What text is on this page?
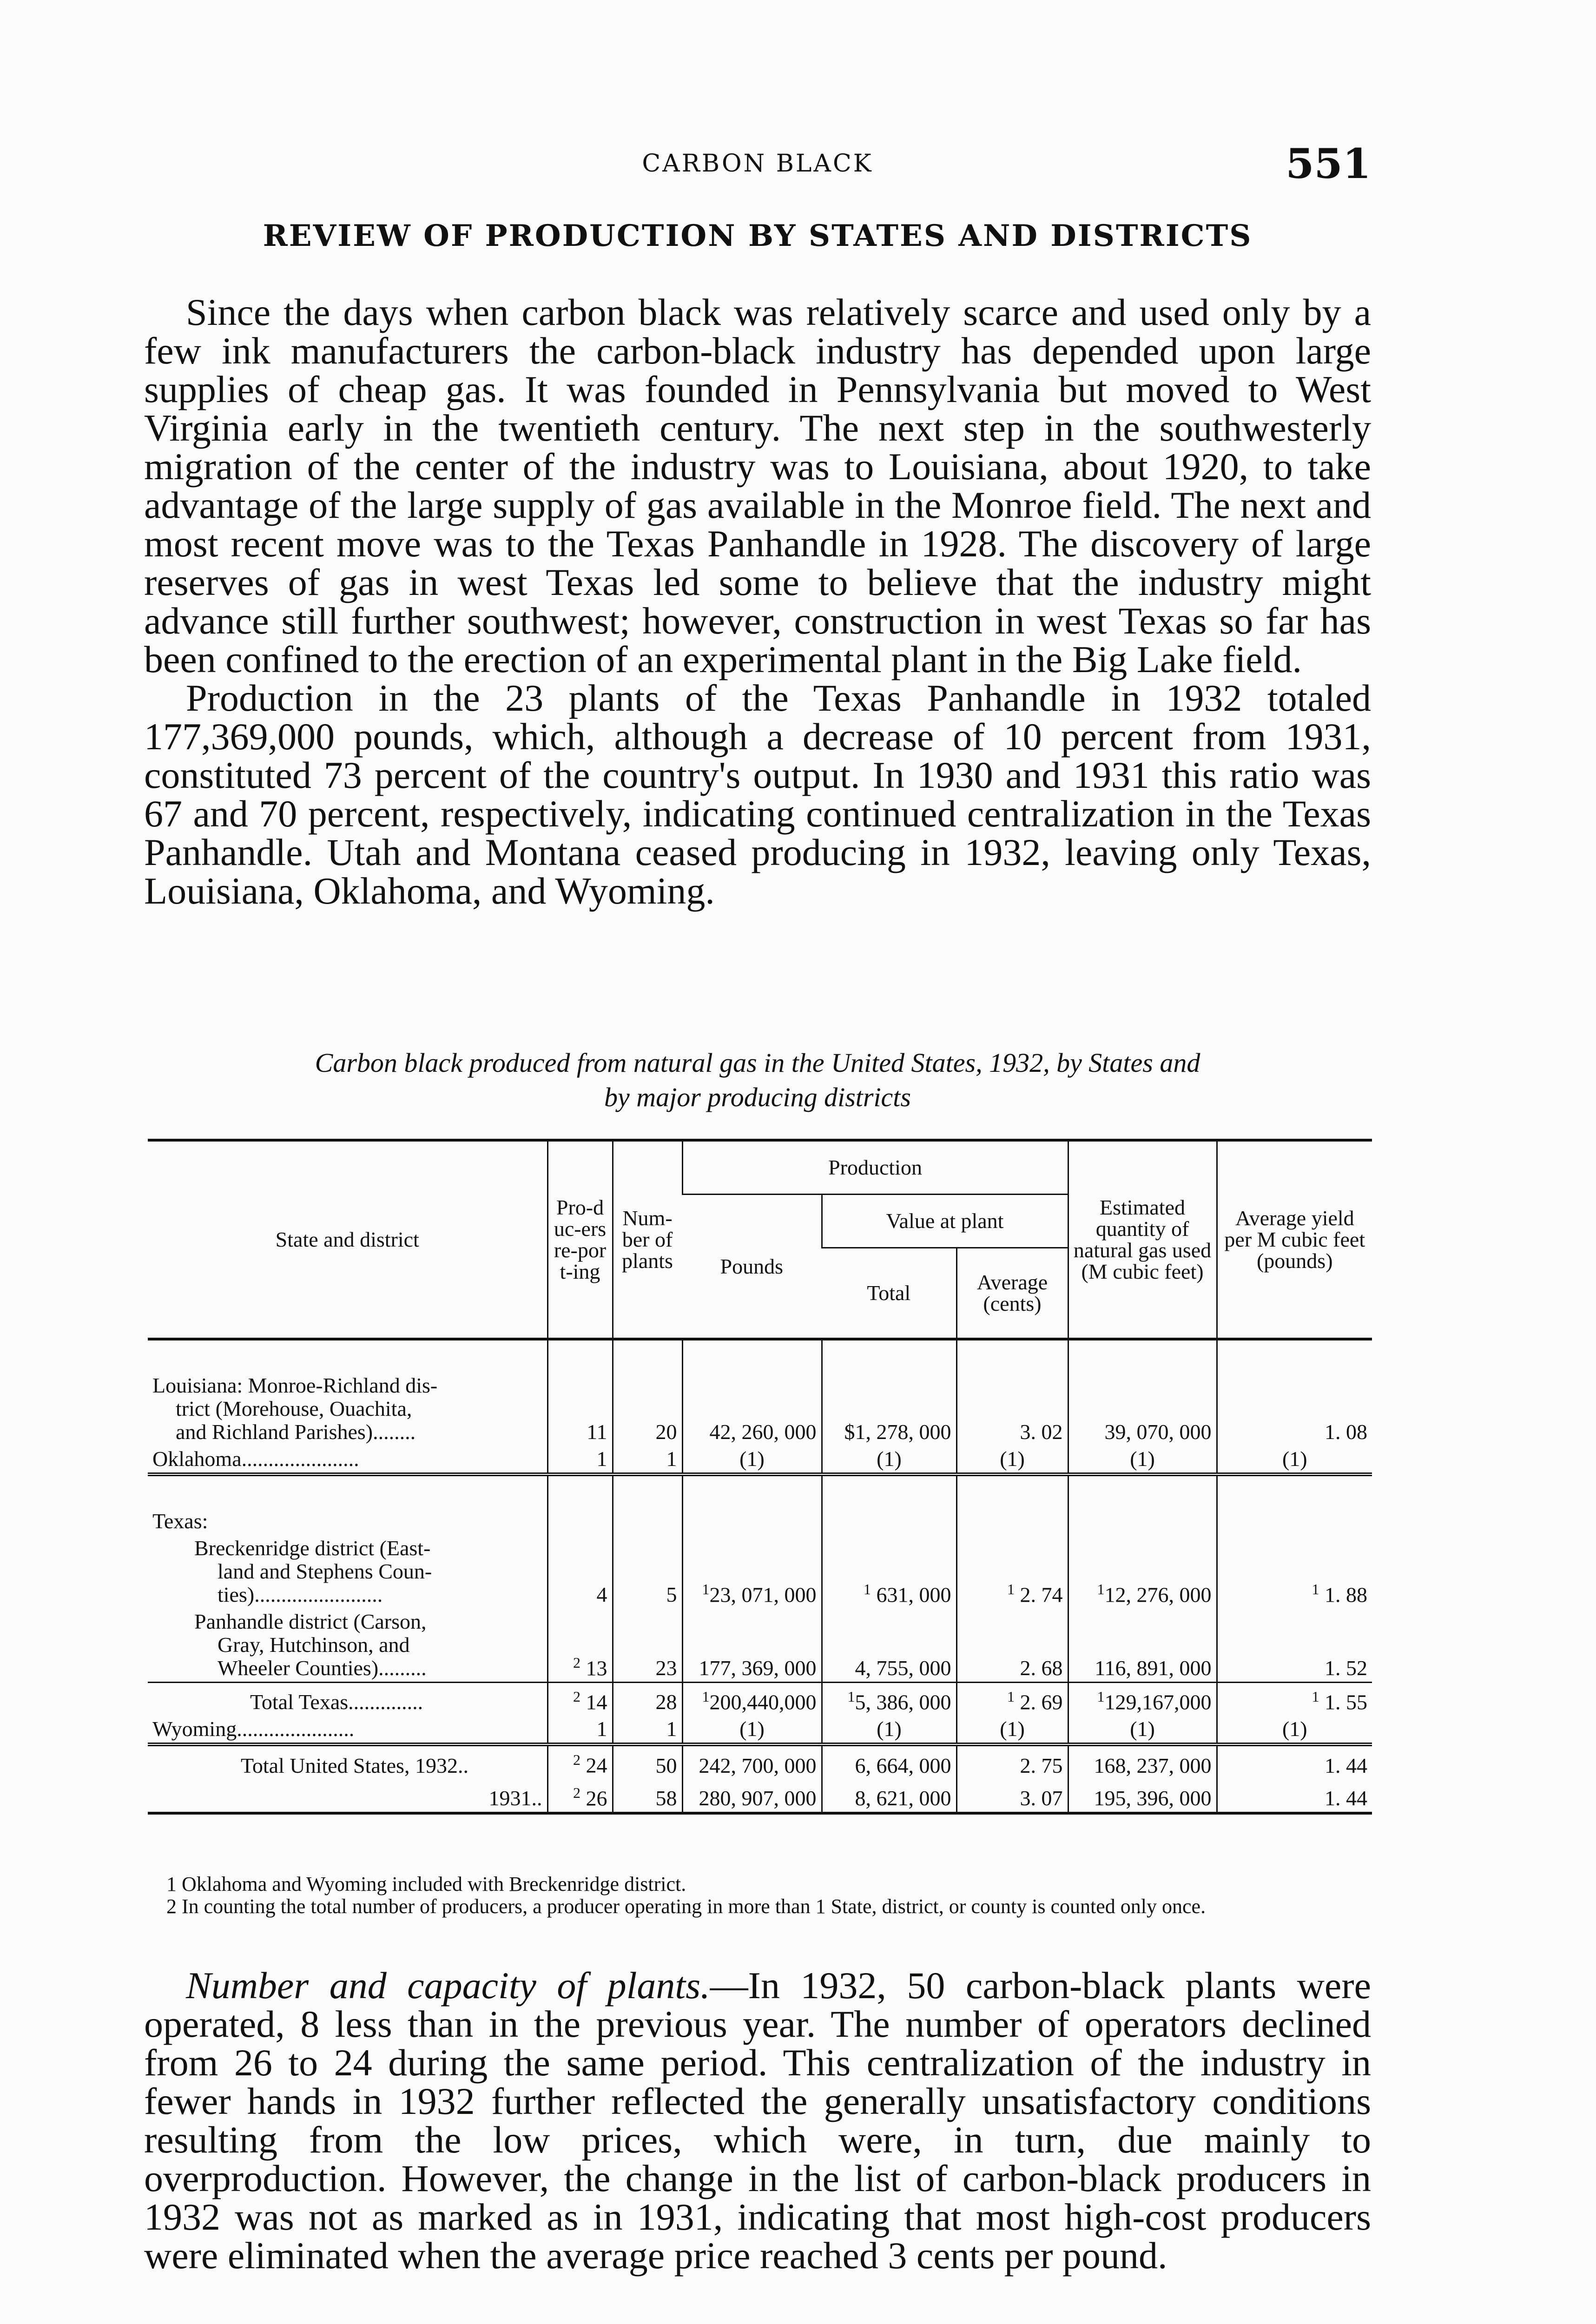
CARBON BLACK	551
REVIEW OF PRODUCTION BY STATES AND DISTRICTS

Since the days when carbon black was relatively scarce and used only by a few ink manufacturers the carbon-black industry has depended upon large supplies of cheap gas. It was founded in Pennsylvania but moved to West Virginia early in the twentieth century. The next step in the southwesterly migration of the center of the industry was to Louisiana, about 1920, to take advantage of the large supply of gas available in the Monroe field. The next and most recent move was to the Texas Panhandle in 1928. The discovery of large reserves of gas in west Texas led some to believe that the industry might advance still further southwest; however, construction in west Texas so far has been confined to the erection of an experimental plant in the Big Lake field.

Production in the 23 plants of the Texas Panhandle in 1932 totaled 177,369,000 pounds, which, although a decrease of 10 percent from 1931, constituted 73 percent of the country's output. In 1930 and 1931 this ratio was 67 and 70 percent, respectively, indicating continued centralization in the Texas Panhandle. Utah and Montana ceased producing in 1932, leaving only Texas, Louisiana, Oklahoma, and Wyoming.

Carbon black produced from natural gas in the United States, 1932, by States and
by major producing districts
State and district	Pro-duc-ers re-port-ing	Num-ber of plants	Production			Estimated quantity of natural gas used (M cubic feet)	Average yield per M cubic feet (pounds)
			Pounds	Value at plant			
				Total	Average (cents)		

Louisiana: Monroe-Richland dis-
trict (Morehouse, Ouachita,
and Richland Parishes)........	11	20	42, 260, 000	$1, 278, 000	3. 02	39, 070, 000	1. 08

Oklahoma......................	1	1	(1)	(1)	(1)	(1)	(1)

Texas:							

Breckenridge district (East-
land and Stephens Coun-
ties)........................	4	5	$^1$23, 071, 000	$^1$ 631, 000	$^1$ 2. 74	$^1$12, 276, 000	$^1$ 1. 88

Panhandle district (Carson,
Gray, Hutchinson, and
Wheeler Counties).........	$^2$ 13	23	177, 369, 000	4, 755, 000	2. 68	116, 891, 000	1. 52

Total Texas..............	$^2$ 14	28	$^1$200,440,000	$^1$5, 386, 000	$^1$ 2. 69	$^1$129,167,000	$^1$ 1. 55

Wyoming......................	1	1	(1)	(1)	(1)	(1)	(1)

Total United States, 1932..	$^2$ 24	50	242, 700, 000	6, 664, 000	2. 75	168, 237, 000	1. 44
1931..	$^2$ 26	58	280, 907, 000	8, 621, 000	3. 07	195, 396, 000	1. 44

1 Oklahoma and Wyoming included with Breckenridge district.

2 In counting the total number of producers, a producer operating in more than 1 State, district, or county is counted only once.

Number and capacity of plants.—In 1932, 50 carbon-black plants were operated, 8 less than in the previous year. The number of operators declined from 26 to 24 during the same period. This centralization of the industry in fewer hands in 1932 further reflected the generally unsatisfactory conditions resulting from the low prices, which were, in turn, due mainly to overproduction. However, the change in the list of carbon-black producers in 1932 was not as marked as in 1931, indicating that most high-cost producers were eliminated when the average price reached 3 cents per pound.
